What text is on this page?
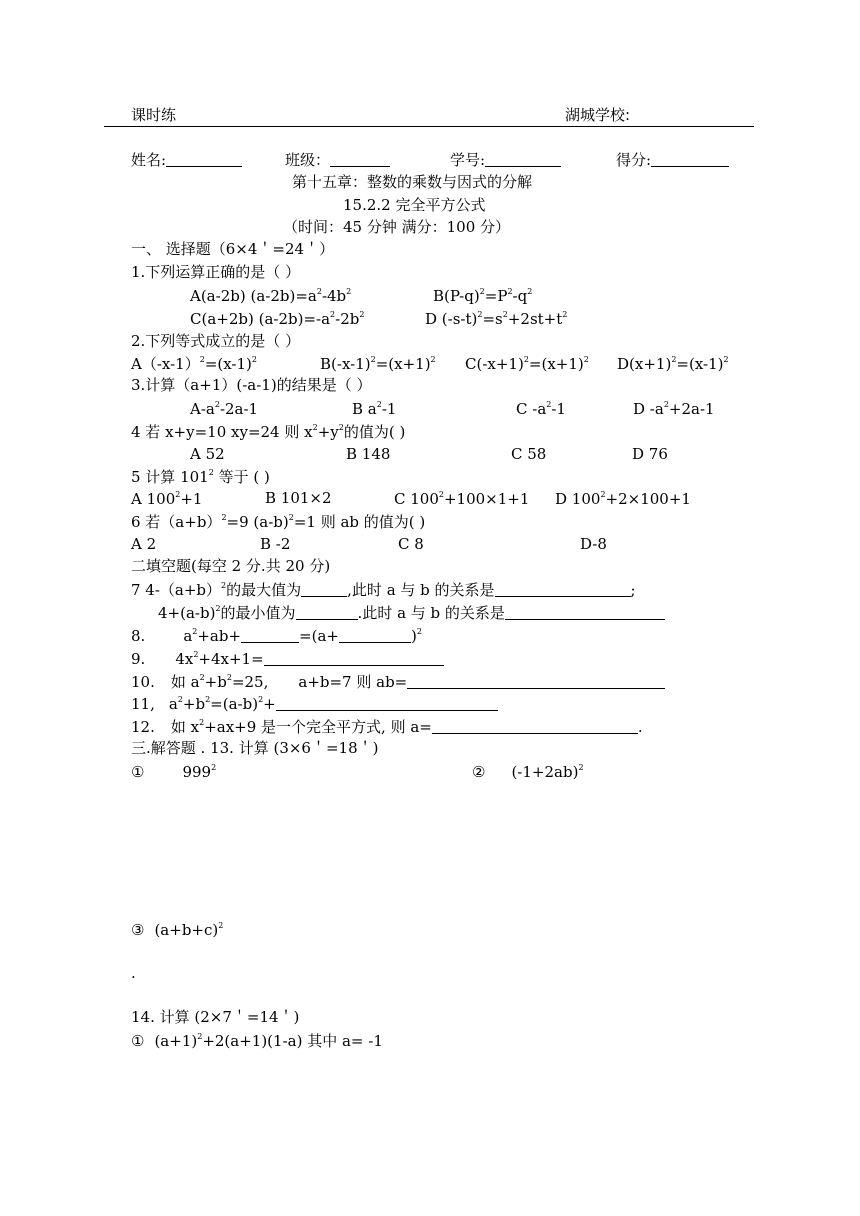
课时练	湖城学校:
姓名:	班级：	学号:	得分:
第十五章：整数的乘数与因式的分解
15.2.2 完全平方公式
（时间：45 分钟 满分：100 分）
一、 选择题（6×4＇=24＇）
1.下列运算正确的是（ ）
A(a-2b) $(a-2b)=a^2-4b^2$	$B(P-q)^2=P^2-q^2$
C(a+2b) $(a-2b)=-a^2-2b^2$	D $(-s-t)^2=s^2+2st+t^2$
2.下列等式成立的是（ ）
$A(-x-1)^2=(x-1)^2$	$B(-x-1)^2=(x+1)^2$ $C(-x+1)^2=(x+1)^2$ $D(x+1)^2=(x-1)^2$
3.计算（a+1）(-a-1)的结果是（ ）
$A-a^2-2a-1$	B $a^2-1$	C $-a^2-1$	D $-a^2+2a-1$
4 若 x+y=10 xy=24 则 $x^2+y^2$的值为( )
A 52	B 148	C 58	D 76
5 计算 $101^2$ 等于 ( )
A $100^2+1$	B 101×2	C $100^2+100\times 1+1$ D $100^2+2\times 100+1$
6 若$(a+b)^2=9$ $(a-b)^2=1$ 则 ab 的值为( )
A 2	B -2	C 8	D-8
二填空题(每空 2 分.共 20 分)
7 $4-(a+b)^2$的最大值为	,此时 a 与 b 的关系是	;
$4+(a-b)^2$的最小值为	.此时 a 与 b 的关系是
8.	$a^2+ab+$	=(a+	)$^2$
9. $4x^2+4x+1=$
10. 如 $a^2+b^2=25$, a+b=7 则 ab=
11, $a^2+b^2=(a-b)^2+$
12. 如 $x^2+ax+9$ 是一个完全平方式, 则 a=	.
三.解答题 . 13. 计算 (3×6＇=18＇)
①	$999^2$	② $(-1+2ab)^2$
③ $(a+b+c)^2$
.
14. 计算 (2×7＇=14＇)
① $(a+1)^2+2(a+1)(1-a)$ 其中 a= -1
